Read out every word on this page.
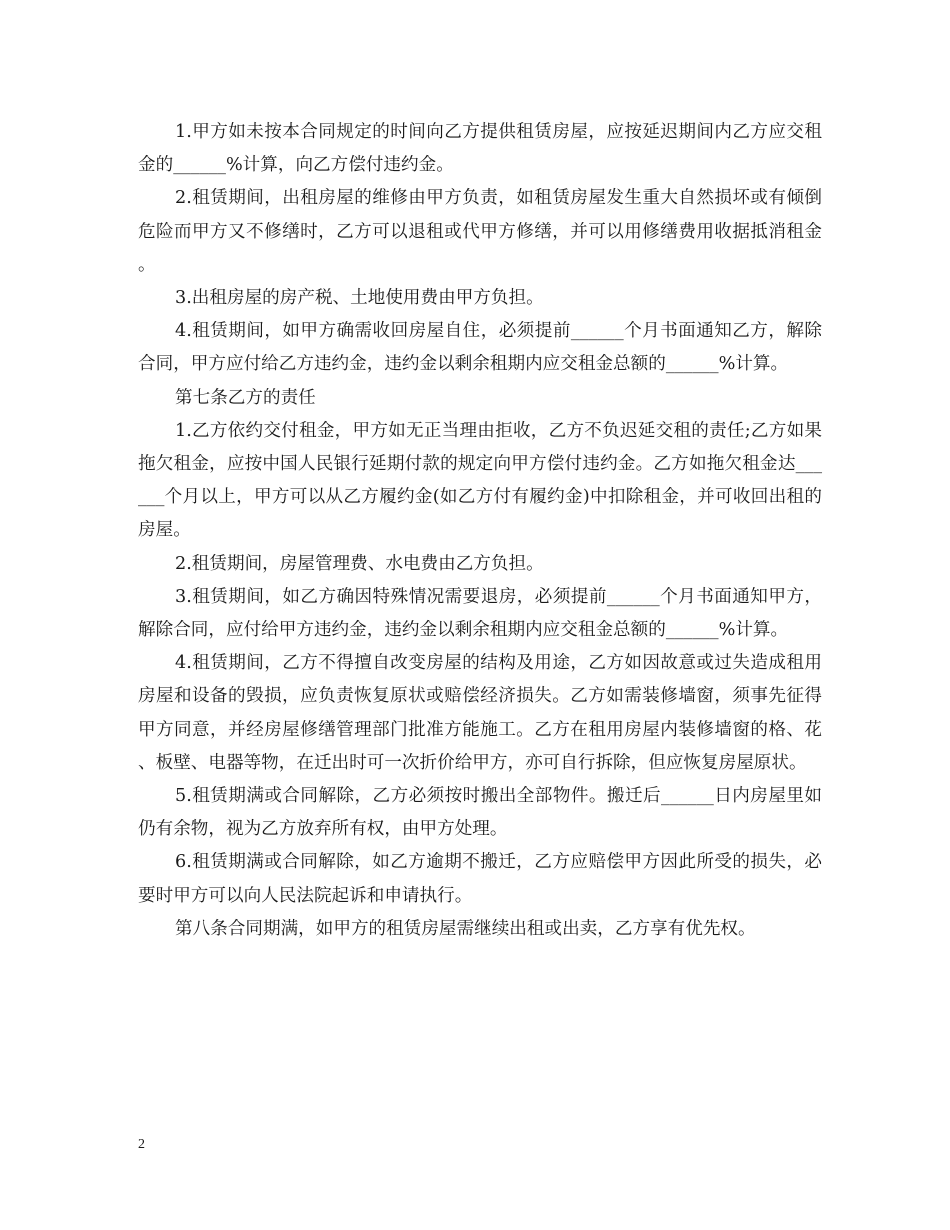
1.甲方如未按本合同规定的时间向乙方提供租赁房屋，应按延迟期间内乙方应交租金的______%计算，向乙方偿付违约金。

2.租赁期间，出租房屋的维修由甲方负责，如租赁房屋发生重大自然损坏或有倾倒危险而甲方又不修缮时，乙方可以退租或代甲方修缮，并可以用修缮费用收据抵消租金。

3.出租房屋的房产税、土地使用费由甲方负担。

4.租赁期间，如甲方确需收回房屋自住，必须提前______个月书面通知乙方，解除合同，甲方应付给乙方违约金，违约金以剩余租期内应交租金总额的______%计算。

第七条乙方的责任

1.乙方依约交付租金，甲方如无正当理由拒收，乙方不负迟延交租的责任;乙方如果拖欠租金，应按中国人民银行延期付款的规定向甲方偿付违约金。乙方如拖欠租金达______个月以上，甲方可以从乙方履约金(如乙方付有履约金)中扣除租金，并可收回出租的房屋。

2.租赁期间，房屋管理费、水电费由乙方负担。

3.租赁期间，如乙方确因特殊情况需要退房，必须提前______个月书面通知甲方，解除合同，应付给甲方违约金，违约金以剩余租期内应交租金总额的______%计算。

4.租赁期间，乙方不得擅自改变房屋的结构及用途，乙方如因故意或过失造成租用房屋和设备的毁损，应负责恢复原状或赔偿经济损失。乙方如需装修墙窗，须事先征得甲方同意，并经房屋修缮管理部门批准方能施工。乙方在租用房屋内装修墙窗的格、花、板壁、电器等物，在迁出时可一次折价给甲方，亦可自行拆除，但应恢复房屋原状。

5.租赁期满或合同解除，乙方必须按时搬出全部物件。搬迁后______日内房屋里如仍有余物，视为乙方放弃所有权，由甲方处理。

6.租赁期满或合同解除，如乙方逾期不搬迁，乙方应赔偿甲方因此所受的损失，必要时甲方可以向人民法院起诉和申请执行。

第八条合同期满，如甲方的租赁房屋需继续出租或出卖，乙方享有优先权。

2
